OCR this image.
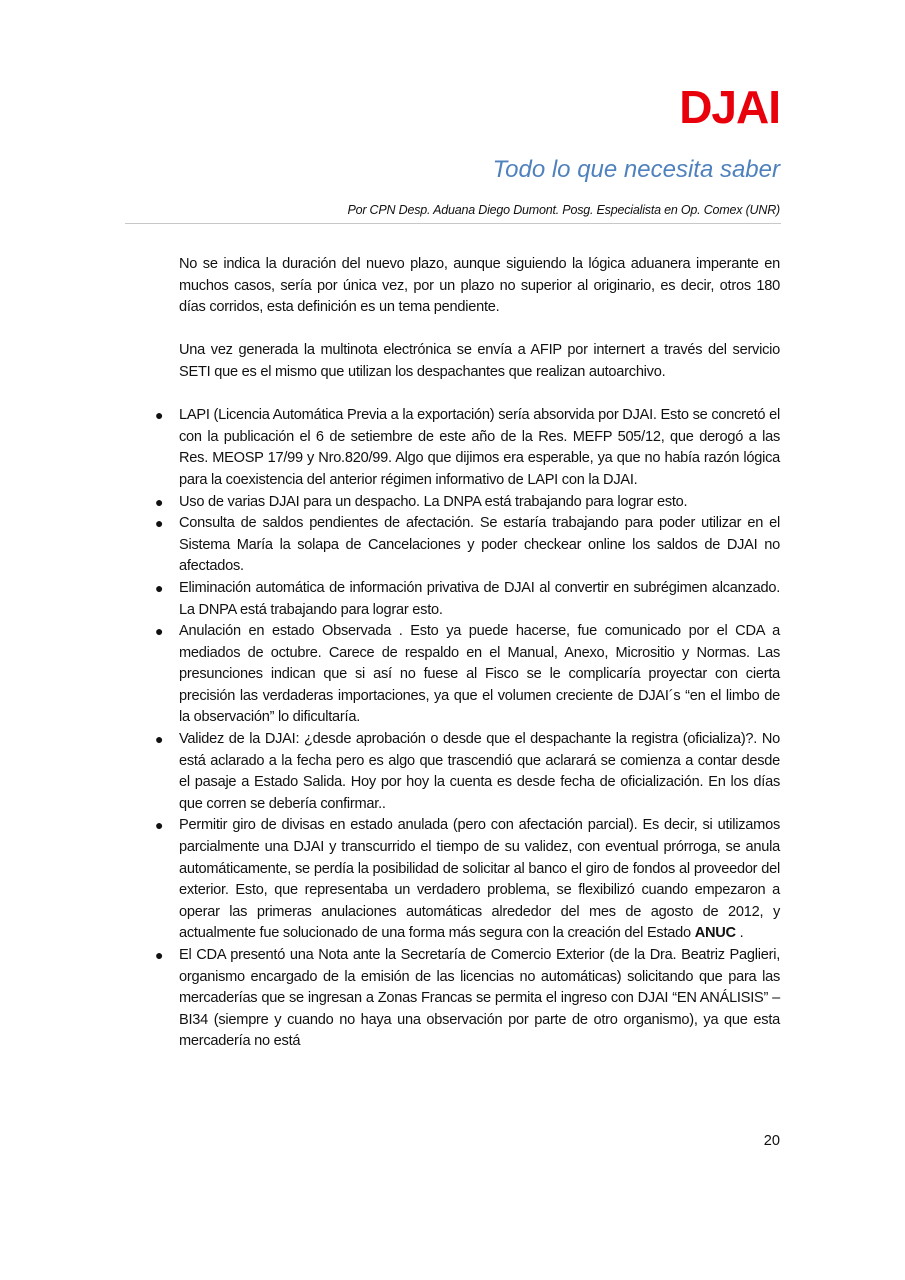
DJAI
Todo lo que necesita saber
Por CPN Desp. Aduana Diego Dumont. Posg. Especialista en Op. Comex (UNR)

No se indica la duración del nuevo plazo, aunque siguiendo la lógica aduanera imperante en muchos casos, sería por única vez, por un plazo no superior al originario, es decir, otros 180 días corridos, esta definición es un tema pendiente.

Una vez generada la multinota electrónica se envía a AFIP por internert a través del servicio SETI que es el mismo que utilizan los despachantes que realizan autoarchivo.

● LAPI (Licencia Automática Previa a la exportación) sería absorvida por DJAI. Esto se concretó el con la publicación el 6 de setiembre de este año de la Res. MEFP 505/12, que derogó a las Res. MEOSP 17/99 y Nro.820/99. Algo que dijimos era esperable, ya que no había razón lógica para la coexistencia del anterior régimen informativo de LAPI con la DJAI.
● Uso de varias DJAI para un despacho. La DNPA está trabajando para lograr esto.
● Consulta de saldos pendientes de afectación. Se estaría trabajando para poder utilizar en el Sistema María la solapa de Cancelaciones y poder checkear online los saldos de DJAI no afectados.
● Eliminación automática de información privativa de DJAI al convertir en subrégimen alcanzado. La DNPA está trabajando para lograr esto.
● Anulación en estado Observada . Esto ya puede hacerse, fue comunicado por el CDA a mediados de octubre. Carece de respaldo en el Manual, Anexo, Micrositio y Normas. Las presunciones indican que si así no fuese al Fisco se le complicaría proyectar con cierta precisión las verdaderas importaciones, ya que el volumen creciente de DJAI´s “en el limbo de la observación” lo dificultaría.
● Validez de la DJAI: ¿desde aprobación o desde que el despachante la registra (oficializa)?. No está aclarado a la fecha pero es algo que trascendió que aclarará se comienza a contar desde el pasaje a Estado Salida. Hoy por hoy la cuenta es desde fecha de oficialización. En los días que corren se debería confirmar..
● Permitir giro de divisas en estado anulada (pero con afectación parcial). Es decir, si utilizamos parcialmente una DJAI y transcurrido el tiempo de su validez, con eventual prórroga, se anula automáticamente, se perdía la posibilidad de solicitar al banco el giro de fondos al proveedor del exterior. Esto, que representaba un verdadero problema, se flexibilizó cuando empezaron a operar las primeras anulaciones automáticas alrededor del mes de agosto de 2012, y actualmente fue solucionado de una forma más segura con la creación del Estado ANUC .
● El CDA presentó una Nota ante la Secretaría de Comercio Exterior (de la Dra. Beatriz Paglieri, organismo encargado de la emisión de las licencias no automáticas) solicitando que para las mercaderías que se ingresan a Zonas Francas se permita el ingreso con DJAI “EN ANÁLISIS” – BI34 (siempre y cuando no haya una observación por parte de otro organismo), ya que esta mercadería no está
20
